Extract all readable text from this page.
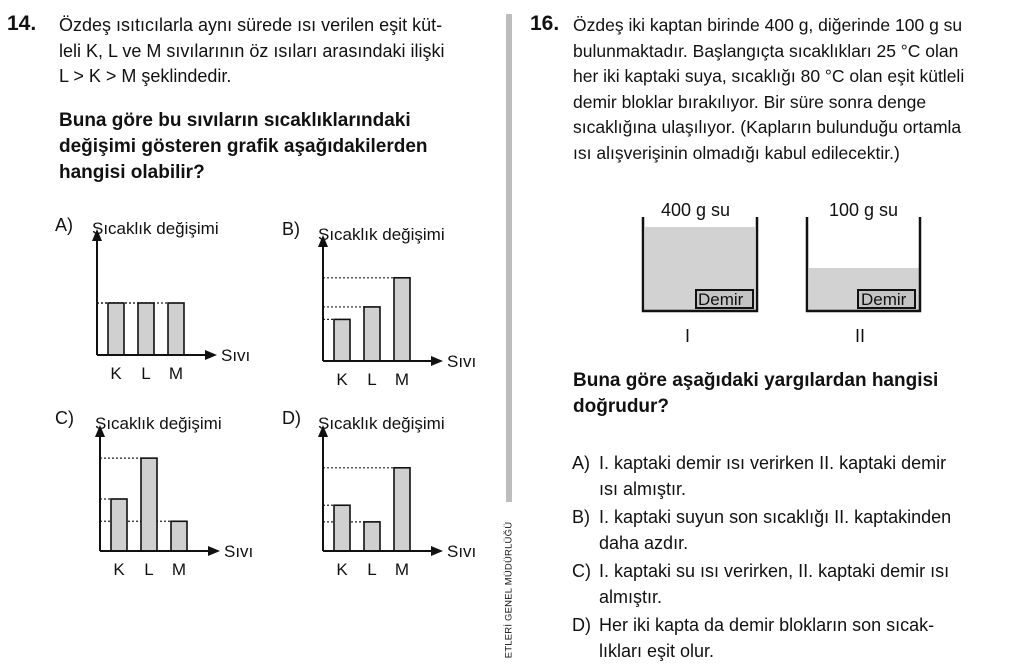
14. Özdeş ısıtıcılarla aynı sürede ısı verilen eşit küt-
leli K, L ve M sıvılarının öz ısıları arasındaki ilişki
L > K > M şeklindedir.
Buna göre bu sıvıların sıcaklıklarındaki
değişimi gösteren grafik aşağıdakilerden
hangisi olabilir?
A)	B)
C)	D)
Sıcaklık değişimi
Sıvı
K L M
Sıcaklık değişimi
Sıvı
K L M
Sıcaklık değişimi
Sıvı
K L M
Sıcaklık değişimi
Sıvı
K L M	ETLERİ GENEL MÜDÜRLÜĞÜ
16. Özdeş iki kaptan birinde 400 g, diğerinde 100 g su
bulunmaktadır. Başlangıçta sıcaklıkları 25 °C olan
her iki kaptaki suya, sıcaklığı 80 °C olan eşit kütleli
demir bloklar bırakılıyor. Bir süre sonra denge
sıcaklığına ulaşılıyor. (Kapların bulunduğu ortamla
ısı alışverişinin olmadığı kabul edilecektir.)
400 g su	100 g su
Demir	Demir
I	II
Buna göre aşağıdaki yargılardan hangisi
doğrudur?
A) I. kaptaki demir ısı verirken II. kaptaki demir
ısı almıştır.
B) I. kaptaki suyun son sıcaklığı II. kaptakinden
daha azdır.
C) I. kaptaki su ısı verirken, II. kaptaki demir ısı
almıştır.
D) Her iki kapta da demir blokların son sıcak-
lıkları eşit olur.
